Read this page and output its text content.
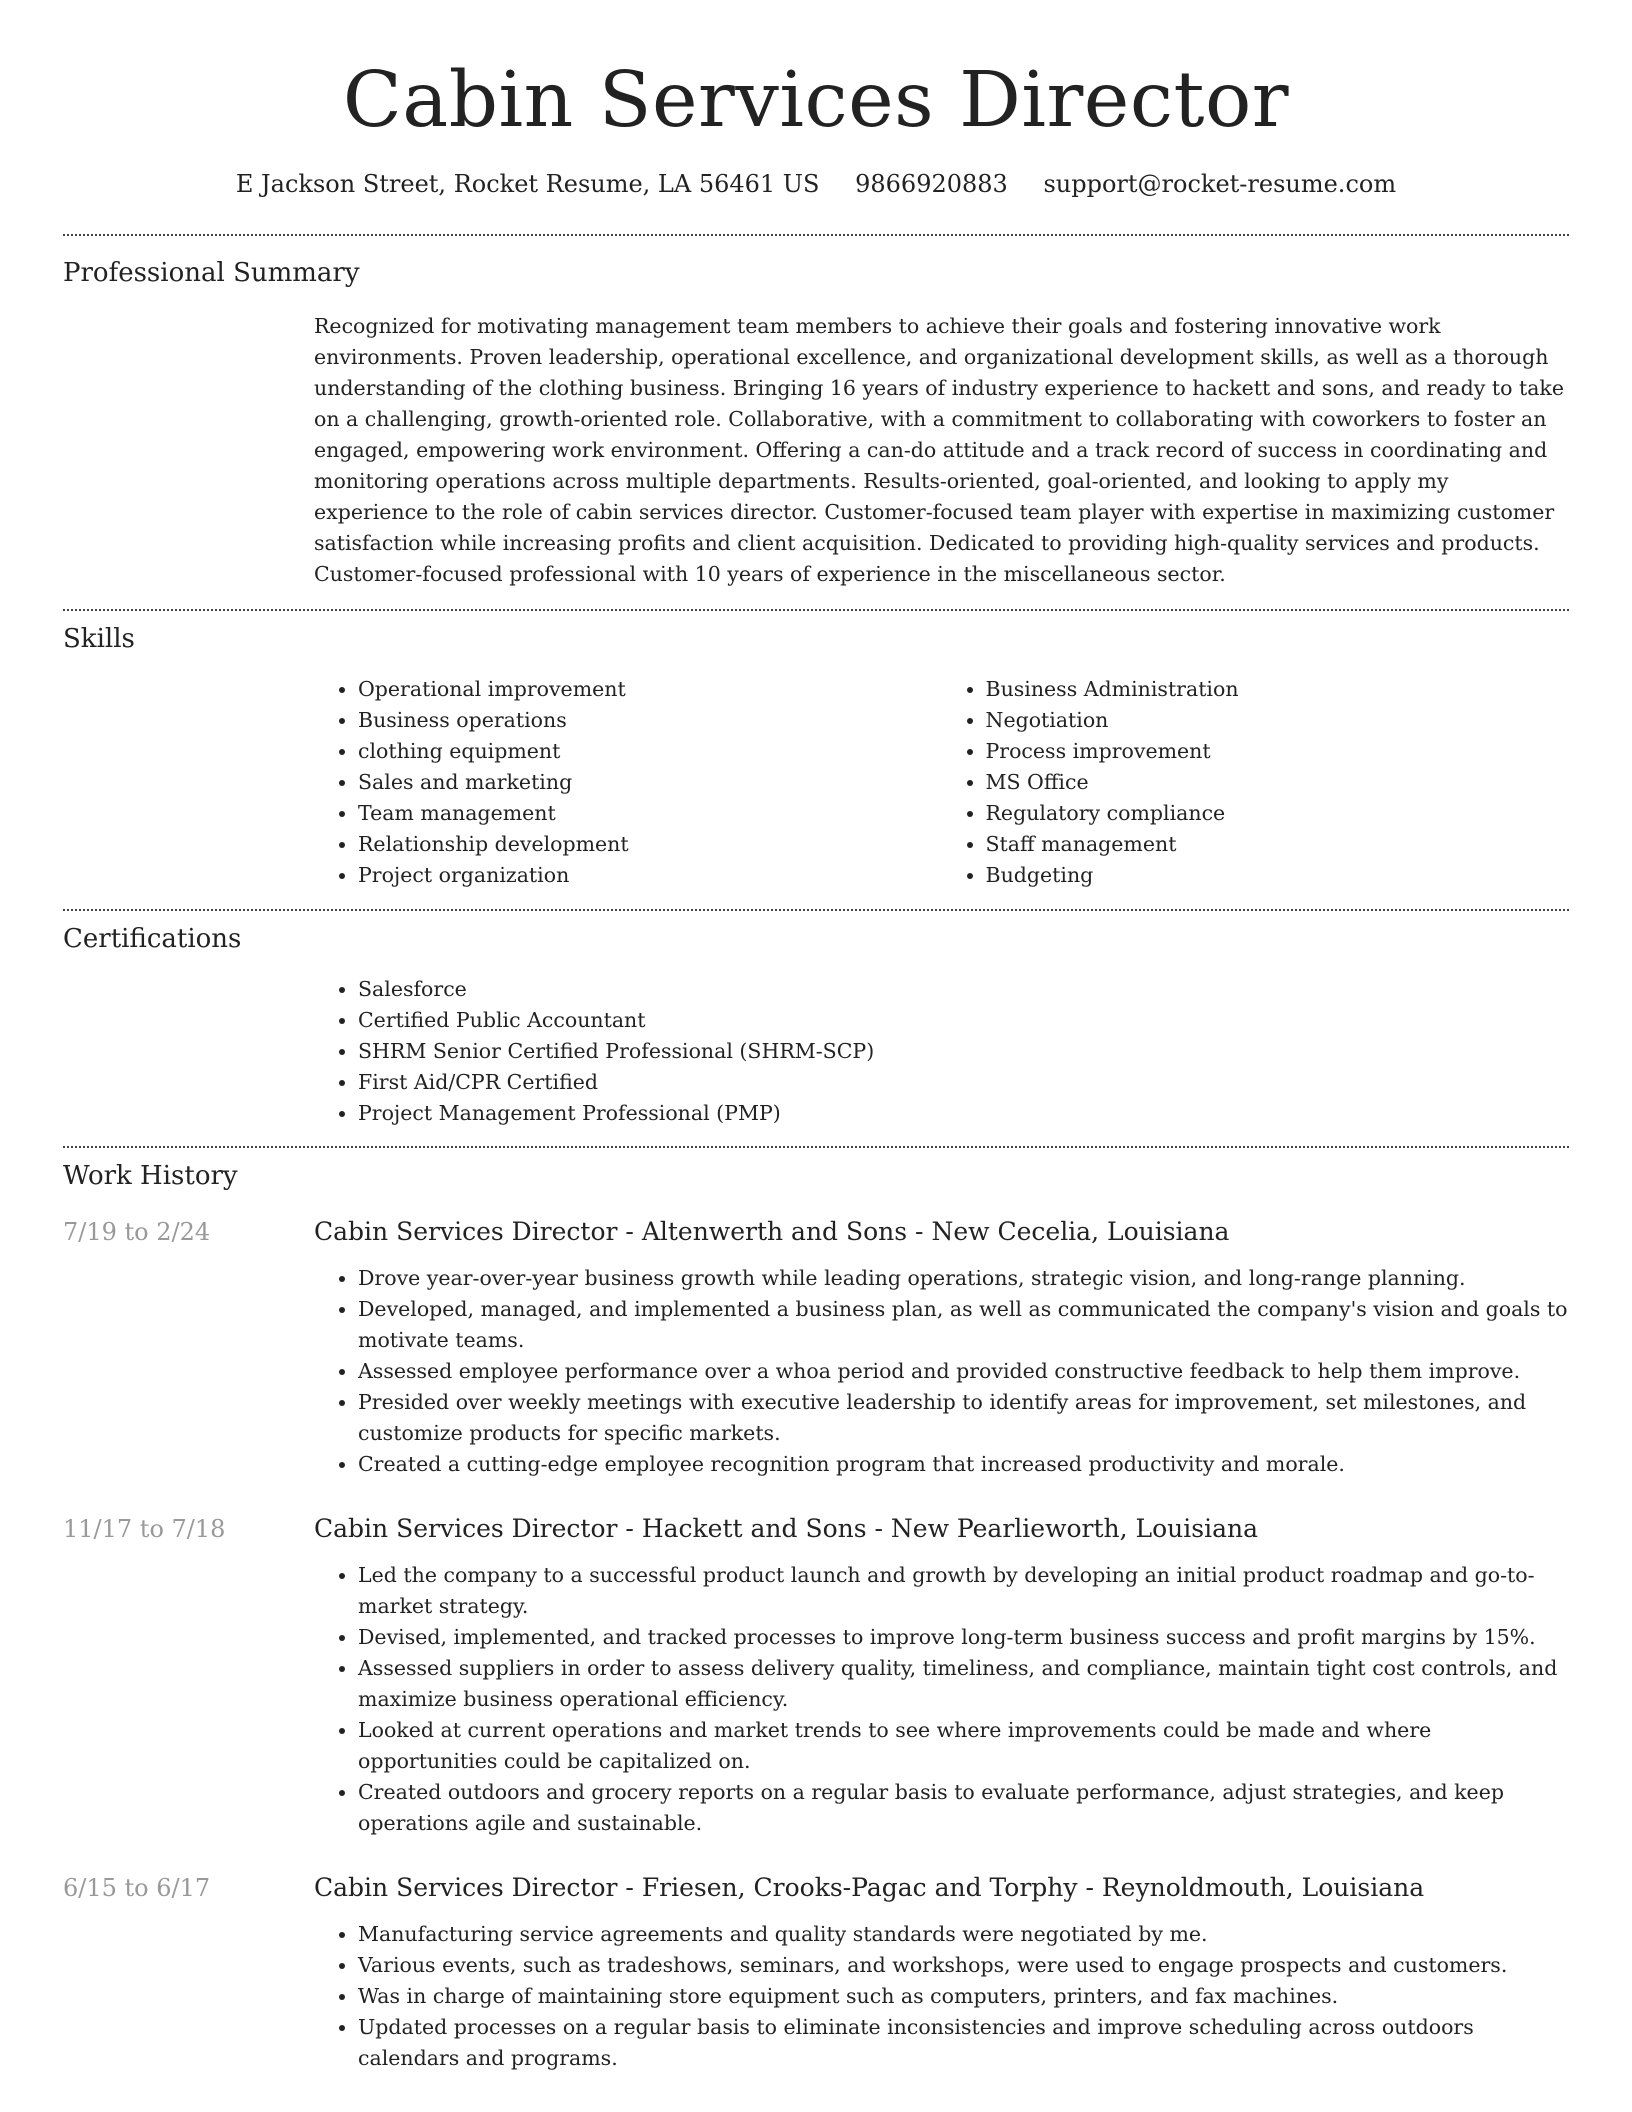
Cabin Services Director
E Jackson Street, Rocket Resume, LA 56461 US 9866920883 support@rocket-resume.com
Professional Summary

Recognized for motivating management team members to achieve their goals and fostering innovative work environments. Proven leadership, operational excellence, and organizational development skills, as well as a thorough understanding of the clothing business. Bringing 16 years of industry experience to hackett and sons, and ready to take on a challenging, growth-oriented role. Collaborative, with a commitment to collaborating with coworkers to foster an engaged, empowering work environment. Offering a can-do attitude and a track record of success in coordinating and monitoring operations across multiple departments. Results-oriented, goal-oriented, and looking to apply my experience to the role of cabin services director. Customer-focused team player with expertise in maximizing customer satisfaction while increasing profits and client acquisition. Dedicated to providing high-quality services and products. Customer-focused professional with 10 years of experience in the miscellaneous sector.

Skills
• Operational improvement
• Business operations
• clothing equipment
• Sales and marketing
• Team management
• Relationship development
• Project organization
• Business Administration
• Negotiation
• Process improvement
• MS Office
• Regulatory compliance
• Staff management
• Budgeting
Certifications
• Salesforce
• Certified Public Accountant
• SHRM Senior Certified Professional (SHRM-SCP)
• First Aid/CPR Certified
• Project Management Professional (PMP)
Work History
7/19 to 2/24	Cabin Services Director - Altenwerth and Sons - New Cecelia, Louisiana
• Drove year-over-year business growth while leading operations, strategic vision, and long-range planning.
• Developed, managed, and implemented a business plan, as well as communicated the company's vision and goals to motivate teams.
• Assessed employee performance over a whoa period and provided constructive feedback to help them improve.
• Presided over weekly meetings with executive leadership to identify areas for improvement, set milestones, and customize products for specific markets.
• Created a cutting-edge employee recognition program that increased productivity and morale.
11/17 to 7/18	Cabin Services Director - Hackett and Sons - New Pearlieworth, Louisiana
• Led the company to a successful product launch and growth by developing an initial product roadmap and go-to-market strategy.
• Devised, implemented, and tracked processes to improve long-term business success and profit margins by 15%.
• Assessed suppliers in order to assess delivery quality, timeliness, and compliance, maintain tight cost controls, and maximize business operational efficiency.
• Looked at current operations and market trends to see where improvements could be made and where opportunities could be capitalized on.
• Created outdoors and grocery reports on a regular basis to evaluate performance, adjust strategies, and keep operations agile and sustainable.
6/15 to 6/17	Cabin Services Director - Friesen, Crooks-Pagac and Torphy - Reynoldmouth, Louisiana
• Manufacturing service agreements and quality standards were negotiated by me.
• Various events, such as tradeshows, seminars, and workshops, were used to engage prospects and customers.
• Was in charge of maintaining store equipment such as computers, printers, and fax machines.
• Updated processes on a regular basis to eliminate inconsistencies and improve scheduling across outdoors calendars and programs.
